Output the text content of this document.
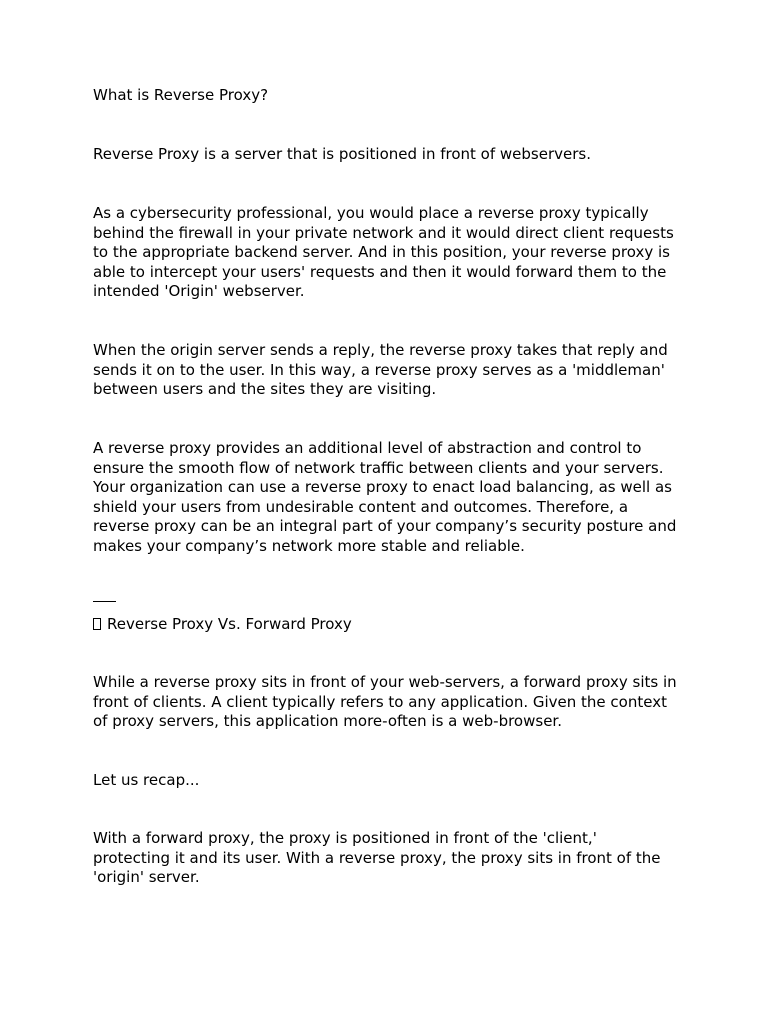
What is Reverse Proxy?

Reverse Proxy is a server that is positioned in front of webservers.

As a cybersecurity professional, you would place a reverse proxy typically behind the firewall in your private network and it would direct client requests to the appropriate backend server. And in this position, your reverse proxy is able to intercept your users' requests and then it would forward them to the intended 'Origin' webserver.

When the origin server sends a reply, the reverse proxy takes that reply and sends it on to the user. In this way, a reverse proxy serves as a 'middleman' between users and the sites they are visiting.

A reverse proxy provides an additional level of abstraction and control to ensure the smooth flow of network traffic between clients and your servers. Your organization can use a reverse proxy to enact load balancing, as well as shield your users from undesirable content and outcomes. Therefore, a reverse proxy can be an integral part of your company’s security posture and makes your company’s network more stable and reliable.

Reverse Proxy Vs. Forward Proxy

While a reverse proxy sits in front of your web-servers, a forward proxy sits in front of clients. A client typically refers to any application. Given the context of proxy servers, this application more-often is a web-browser.

Let us recap...

With a forward proxy, the proxy is positioned in front of the 'client,' protecting it and its user. With a reverse proxy, the proxy sits in front of the 'origin' server.
